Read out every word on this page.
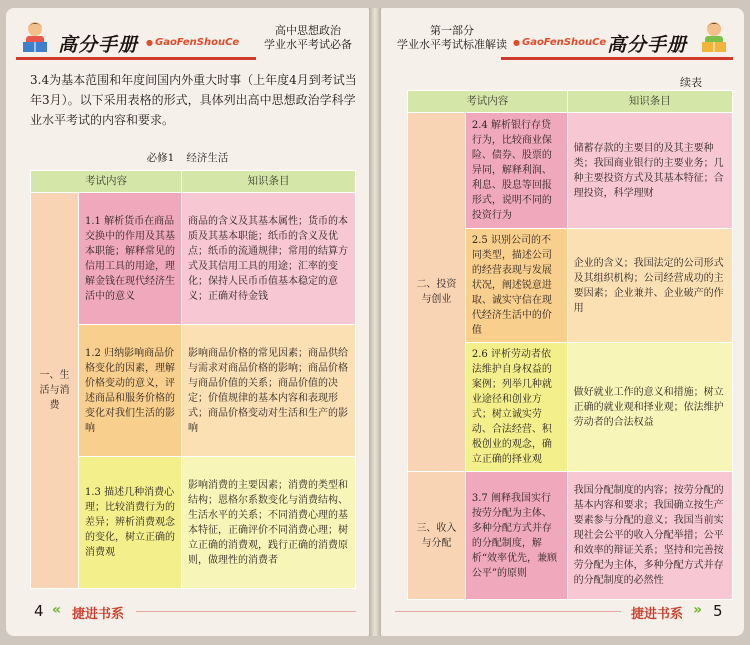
高分手册	● GaoFenShouCe
高中思想政治
学业水平考试必备
3.4为基本范围和年度间国内外重大时事（上年度4月到考试当年3月）。以下采用表格的形式，具体列出高中思想政治学科学业水平考试的内容和要求。
必修1 经济生活
考试内容		知识条目

一、生活与消费	1.1 解析货币在商品交换中的作用及其基本职能；解释常见的信用工具的用途，理解金钱在现代经济生活中的意义	商品的含义及其基本属性；货币的本质及其基本职能；纸币的含义及优点；纸币的流通规律；常用的结算方式及其信用工具的用途；汇率的变化；保持人民币币值基本稳定的意义；正确对待金钱
	1.2 归纳影响商品价格变化的因素，理解价格变动的意义，评述商品和服务价格的变化对我们生活的影响	影响商品价格的常见因素；商品供给与需求对商品价格的影响；商品价格与商品价值的关系；商品价值的决定；价值规律的基本内容和表现形式；商品价格变动对生活和生产的影响
	1.3 描述几种消费心理；比较消费行为的差异；辨析消费观念的变化，树立正确的消费观	影响消费的主要因素；消费的类型和结构；恩格尔系数变化与消费结构、生活水平的关系；不同消费心理的基本特征，正确评价不同消费心理；树立正确的消费观，践行正确的消费原则，做理性的消费者
4 « 捷进书系
第一部分
学业水平考试标准解读	● GaoFenShouCe 高分手册
续表
考试内容		知识条目

二、投资与创业	2.4 解析银行存贷行为，比较商业保险、债券、股票的异同，解释利润、利息、股息等回报形式，说明不同的投资行为	储蓄存款的主要目的及其主要种类；我国商业银行的主要业务；几种主要投资方式及其基本特征；合理投资，科学理财
	2.5 识别公司的不同类型，描述公司的经营表现与发展状况，阐述锐意进取、诚实守信在现代经济生活中的价值	企业的含义；我国法定的公司形式及其组织机构；公司经营成功的主要因素；企业兼并、企业破产的作用
	2.6 评析劳动者依法维护自身权益的案例；列举几种就业途径和创业方式；树立诚实劳动、合法经营、积极创业的观念，确立正确的择业观	做好就业工作的意义和措施；树立正确的就业观和择业观；依法维护劳动者的合法权益

三、收入与分配	3.7 阐释我国实行按劳分配为主体、多种分配方式并存的分配制度，解析“效率优先，兼顾公平”的原则	我国分配制度的内容；按劳分配的基本内容和要求；我国确立按生产要素参与分配的意义；我国当前实现社会公平的收入分配举措；公平和效率的辩证关系；坚持和完善按劳分配为主体，多种分配方式并存的分配制度的必然性
捷进书系 » 5
